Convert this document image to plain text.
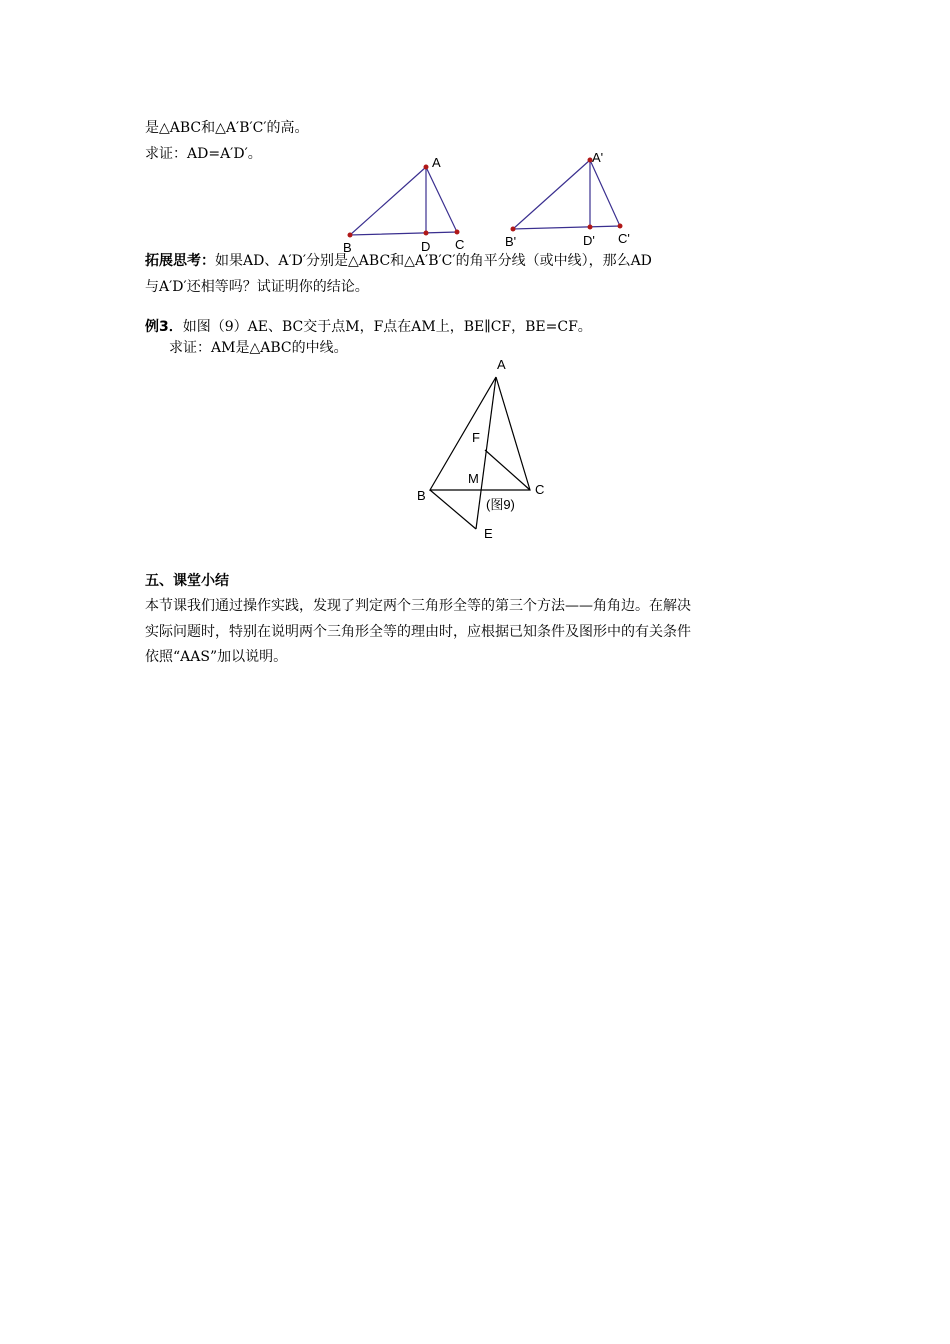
是△ABC和△A′B′C′的高。
求证：AD=A′D′。
A
B	D C
A'
B'	D' C'
拓展思考：如果AD、A′D′分别是△ABC和△A′B′C′的角平分线（或中线），那么AD
与A′D′还相等吗？试证明你的结论。
例3．如图（9）AE、BC交于点M，F点在AM上，BE∥CF，BE=CF。
求证：AM是△ABC的中线。
A
F
M
B	C
E
(图9)
五、课堂小结
本节课我们通过操作实践，发现了判定两个三角形全等的第三个方法——角角边。在解决
实际问题时，特别在说明两个三角形全等的理由时，应根据已知条件及图形中的有关条件
依照“AAS”加以说明。
